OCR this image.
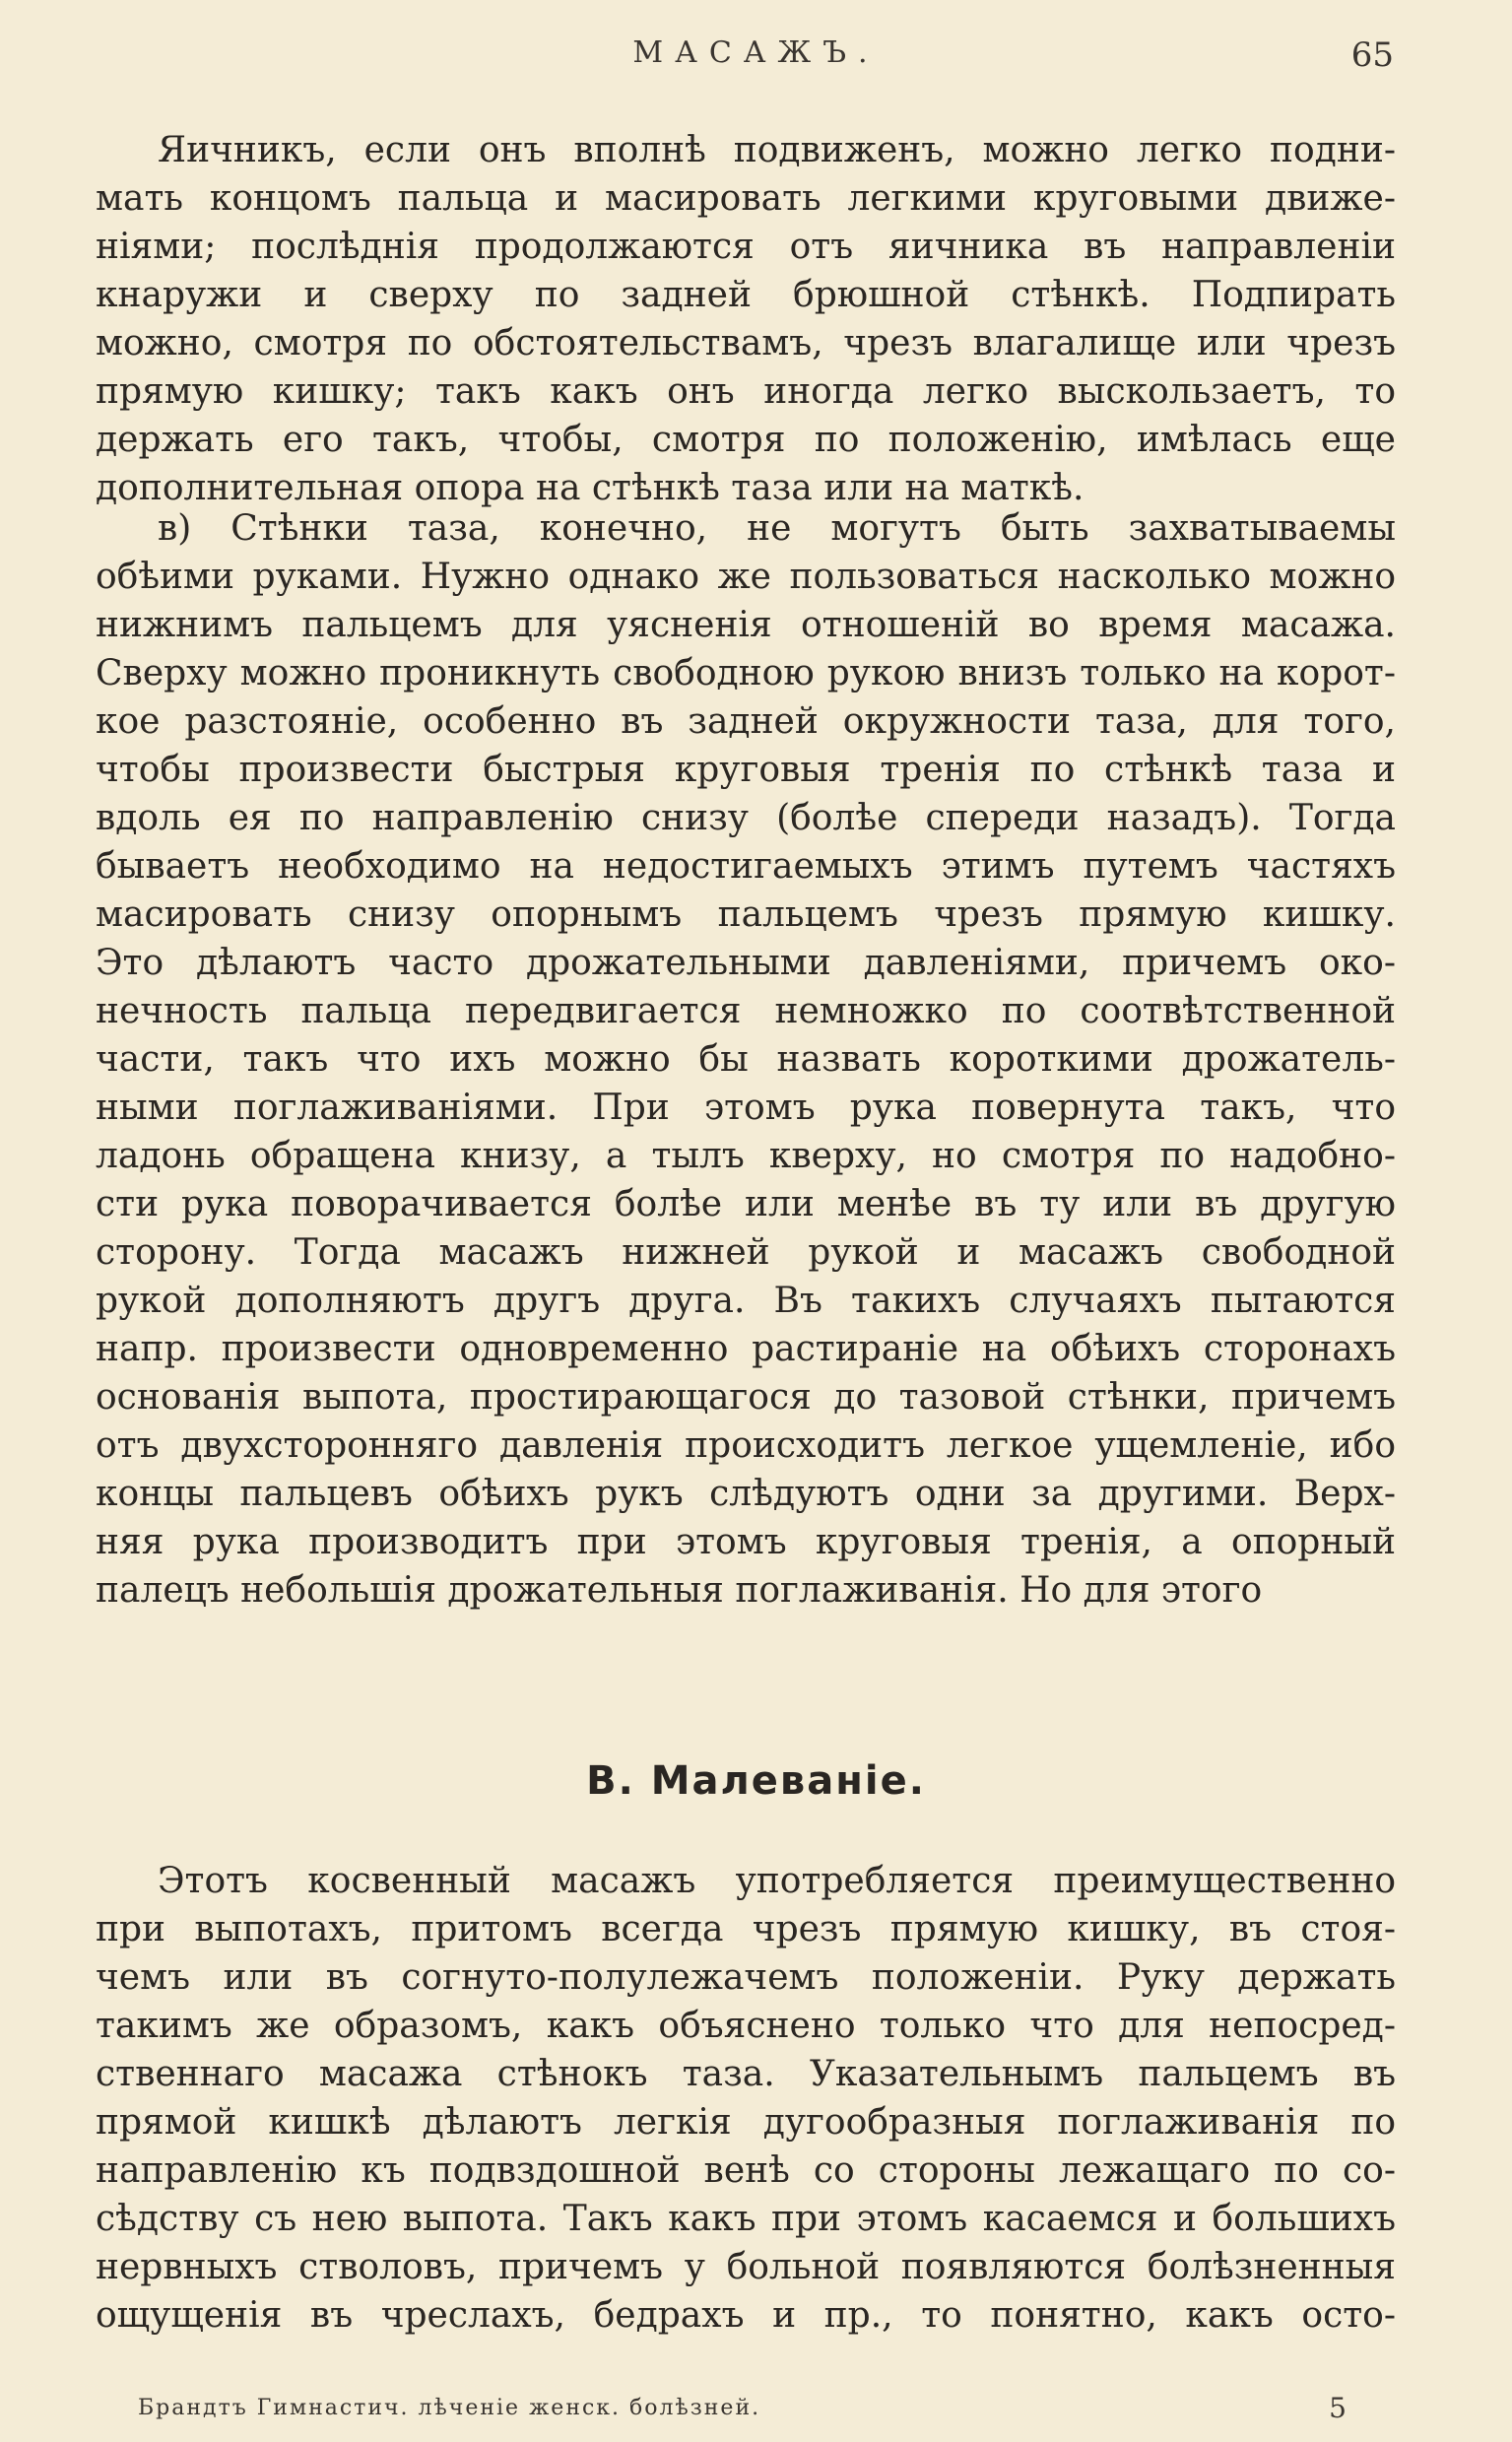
МАСАЖЪ.	65
Яичникъ, если онъ вполнѣ подвиженъ, можно легко подни-
мать концомъ пальца и масировать легкими круговыми движе-
ніями; послѣднія продолжаются отъ яичника въ направленіи
кнаружи и сверху по задней брюшной стѣнкѣ. Подпирать
можно, смотря по обстоятельствамъ, чрезъ влагалище или чрезъ
прямую кишку; такъ какъ онъ иногда легко выскользаетъ, то
держать его такъ, чтобы, смотря по положенію, имѣлась еще
дополнительная опора на стѣнкѣ таза или на маткѣ.
в) Стѣнки таза, конечно, не могутъ быть захватываемы
обѣими руками. Нужно однако же пользоваться насколько можно
нижнимъ пальцемъ для уясненія отношеній во время масажа.
Сверху можно проникнуть свободною рукою внизъ только на корот-
кое разстояніе, особенно въ задней окружности таза, для того,
чтобы произвести быстрыя круговыя тренія по стѣнкѣ таза и
вдоль ея по направленію снизу (болѣе спереди назадъ). Тогда
бываетъ необходимо на недостигаемыхъ этимъ путемъ частяхъ
масировать снизу опорнымъ пальцемъ чрезъ прямую кишку.
Это дѣлаютъ часто дрожательными давленіями, причемъ око-
нечность пальца передвигается немножко по соотвѣтственной
части, такъ что ихъ можно бы назвать короткими дрожатель-
ными поглаживаніями. При этомъ рука повернута такъ, что
ладонь обращена книзу, а тылъ кверху, но смотря по надобно-
сти рука поворачивается болѣе или менѣе въ ту или въ другую
сторону. Тогда масажъ нижней рукой и масажъ свободной
рукой дополняютъ другъ друга. Въ такихъ случаяхъ пытаются
напр. произвести одновременно растираніе на обѣихъ сторонахъ
основанія выпота, простирающагося до тазовой стѣнки, причемъ
отъ двухсторонняго давленія происходитъ легкое ущемленіе, ибо
концы пальцевъ обѣихъ рукъ слѣдуютъ одни за другими. Верх-
няя рука производитъ при этомъ круговыя тренія, а опорный
палецъ небольшія дрожательныя поглаживанія. Но для этого
B. Малеваніе.
Этотъ косвенный масажъ употребляется преимущественно
при выпотахъ, притомъ всегда чрезъ прямую кишку, въ стоя-
чемъ или въ согнуто-полулежачемъ положеніи. Руку держать
такимъ же образомъ, какъ объяснено только что для непосред-
ственнаго масажа стѣнокъ таза. Указательнымъ пальцемъ въ
прямой кишкѣ дѣлаютъ легкія дугообразныя поглаживанія по
направленію къ подвздошной венѣ со стороны лежащаго по со-
сѣдству съ нею выпота. Такъ какъ при этомъ касаемся и большихъ
нервныхъ стволовъ, причемъ у больной появляются болѣзненныя
ощущенія въ чреслахъ, бедрахъ и пр., то понятно, какъ осто-
Брандтъ Гимнастич. лѣченіе женск. болѣзней.	5
